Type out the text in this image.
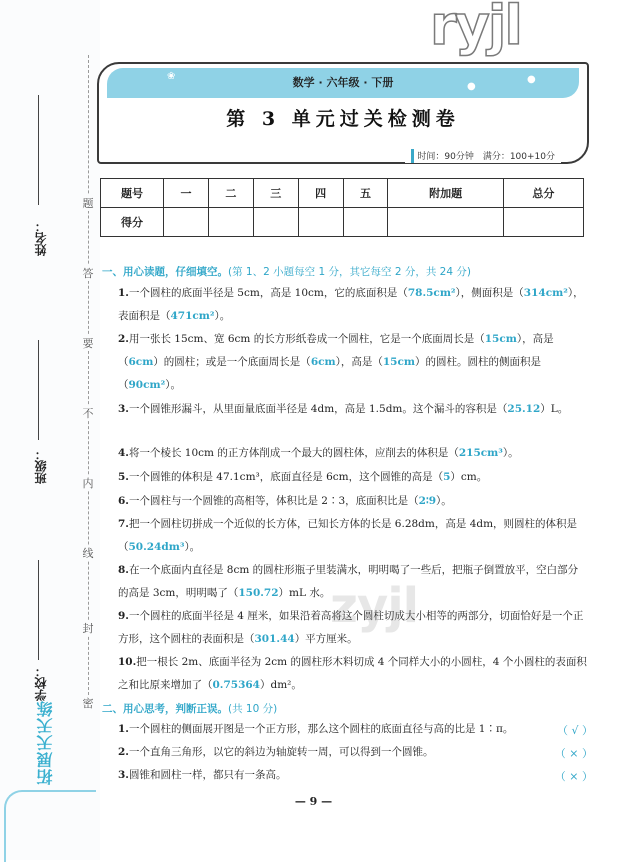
题
答
要
不
内
线
封
密
姓名：
班级：
学校：
拓展天天练
ryjl
❀
●
●
数学 · 六年级 · 下册
第 3 单元过关检测卷
时间：90分钟　满分：100+10分
题号	一	二	三	四	五	附加题	总分
得分							
一、用心读题，仔细填空。(第 1、2 小题每空 1 分，其它每空 2 分，共 24 分)
1.一个圆柱的底面半径是 5cm，高是 10cm，它的底面积是（78.5cm²），侧面积是（314cm²），表面积是（471cm²）。
2.用一张长 15cm、宽 6cm 的长方形纸卷成一个圆柱，它是一个底面周长是（15cm），高是（6cm）的圆柱；或是一个底面周长是（6cm），高是（15cm）的圆柱。圆柱的侧面积是（90cm²）。
3.一个圆锥形漏斗，从里面量底面半径是 4dm，高是 1.5dm。这个漏斗的容积是（25.12）L。
4.将一个棱长 10cm 的正方体削成一个最大的圆柱体，应削去的体积是（215cm³）。
5.一个圆锥的体积是 47.1cm³，底面直径是 6cm，这个圆锥的高是（5）cm。
6.一个圆柱与一个圆锥的高相等，体积比是 2∶3，底面积比是（2∶9）。
7.把一个圆柱切拼成一个近似的长方体，已知长方体的长是 6.28dm，高是 4dm，则圆柱的体积是（50.24dm³）。
8.在一个底面内直径是 8cm 的圆柱形瓶子里装满水，明明喝了一些后，把瓶子倒置放平，空白部分的高是 3cm，明明喝了（150.72）mL 水。
9.一个圆柱的底面半径是 4 厘米，如果沿着高将这个圆柱切成大小相等的两部分，切面恰好是一个正方形，这个圆柱的表面积是（301.44）平方厘米。
10.把一根长 2m、底面半径为 2cm 的圆柱形木料切成 4 个同样大小的小圆柱，4 个小圆柱的表面积之和比原来增加了（0.75364）dm²。
zyjl
二、用心思考，判断正误。(共 10 分)
1.一个圆柱的侧面展开图是一个正方形，那么这个圆柱的底面直径与高的比是 1∶π。	（ √ ）
2.一个直角三角形，以它的斜边为轴旋转一周，可以得到一个圆锥。	（ × ）
3.圆锥和圆柱一样，都只有一条高。	（ × ）
— 9 —
